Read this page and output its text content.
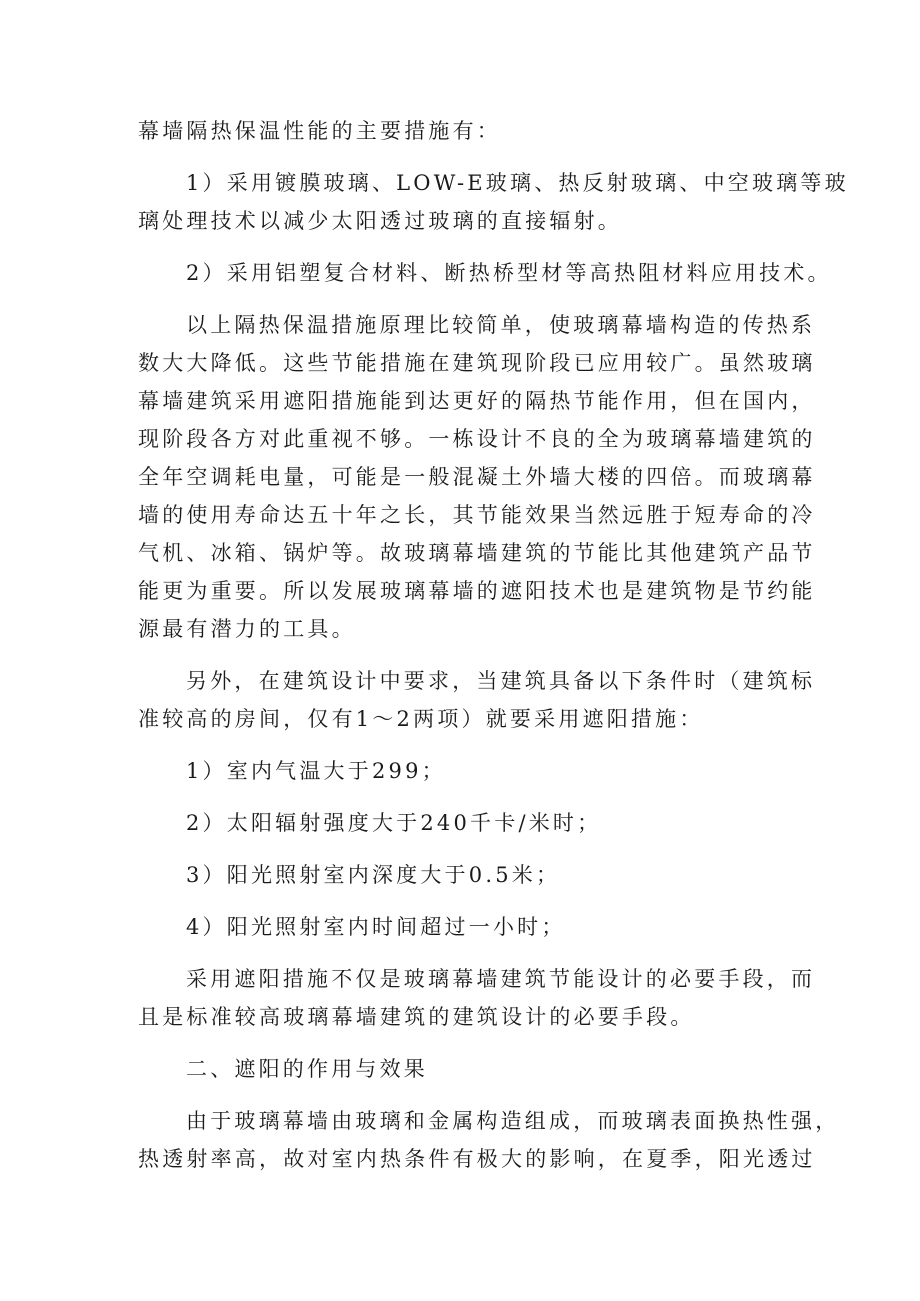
幕墙隔热保温性能的主要措施有：
1）采用镀膜玻璃、LOW-E玻璃、热反射玻璃、中空玻璃等玻
璃处理技术以减少太阳透过玻璃的直接辐射。
2）采用铝塑复合材料、断热桥型材等高热阻材料应用技术。
以上隔热保温措施原理比较简单，使玻璃幕墙构造的传热系
数大大降低。这些节能措施在建筑现阶段已应用较广。虽然玻璃
幕墙建筑采用遮阳措施能到达更好的隔热节能作用，但在国内，
现阶段各方对此重视不够。一栋设计不良的全为玻璃幕墙建筑的
全年空调耗电量，可能是一般混凝土外墙大楼的四倍。而玻璃幕
墙的使用寿命达五十年之长，其节能效果当然远胜于短寿命的冷
气机、冰箱、锅炉等。故玻璃幕墙建筑的节能比其他建筑产品节
能更为重要。所以发展玻璃幕墙的遮阳技术也是建筑物是节约能
源最有潜力的工具。
另外，在建筑设计中要求，当建筑具备以下条件时（建筑标
准较高的房间，仅有1～2两项）就要采用遮阳措施：
1）室内气温大于299；
2）太阳辐射强度大于240千卡/米时；
3）阳光照射室内深度大于0.5米；
4）阳光照射室内时间超过一小时；
采用遮阳措施不仅是玻璃幕墙建筑节能设计的必要手段，而
且是标准较高玻璃幕墙建筑的建筑设计的必要手段。
二、遮阳的作用与效果
由于玻璃幕墙由玻璃和金属构造组成，而玻璃表面换热性强，
热透射率高，故对室内热条件有极大的影响，在夏季，阳光透过
